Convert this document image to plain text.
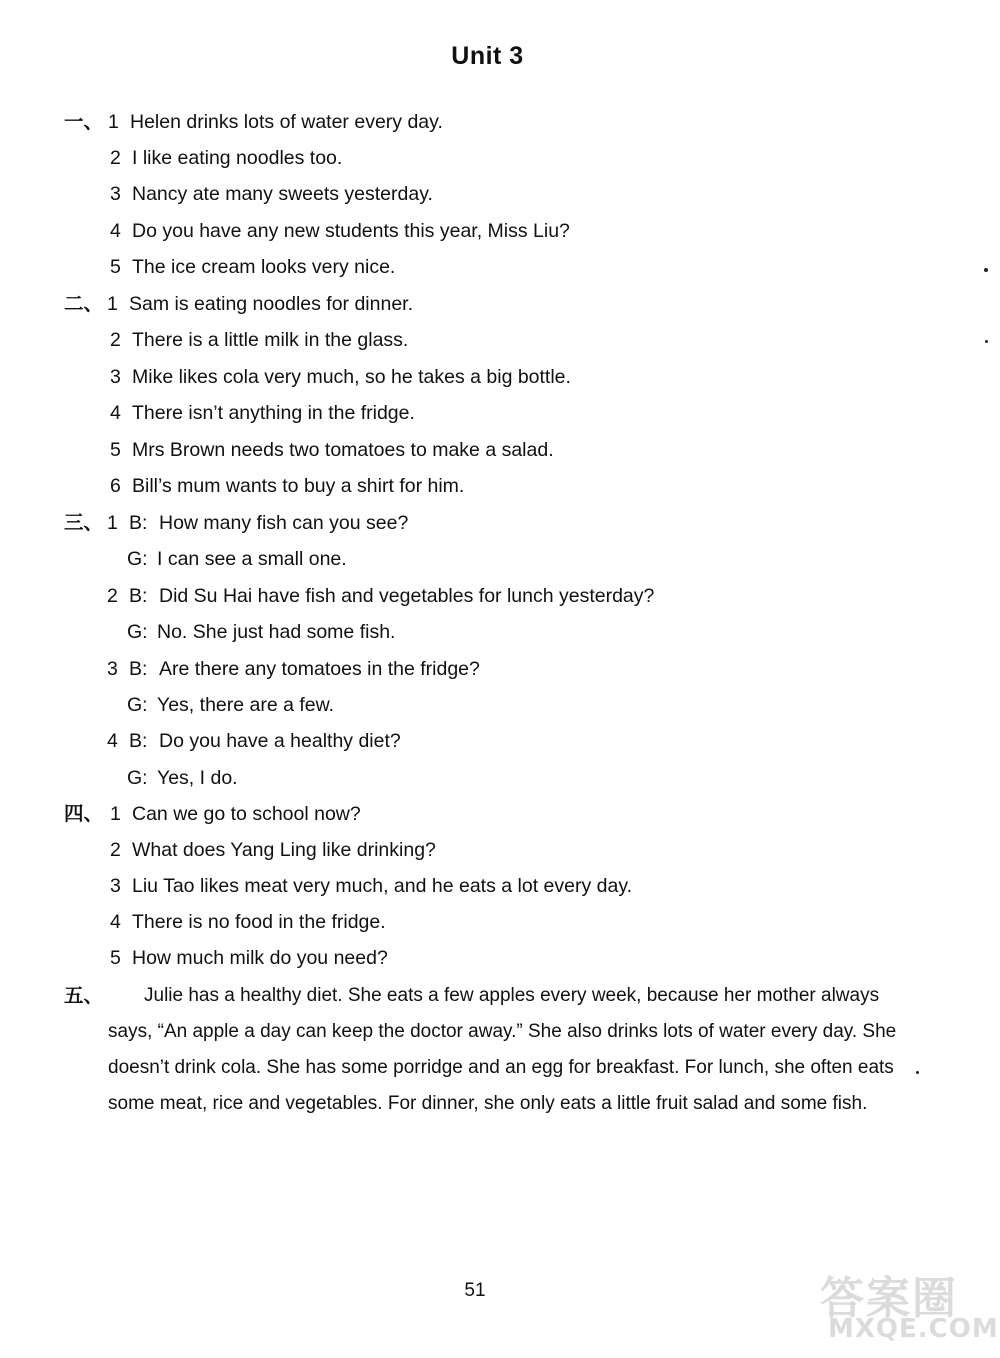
Unit 3
一、 1 Helen drinks lots of water every day.
2 I like eating noodles too.
3 Nancy ate many sweets yesterday.
4 Do you have any new students this year, Miss Liu?
5 The ice cream looks very nice.
二、 1 Sam is eating noodles for dinner.
2 There is a little milk in the glass.
3 Mike likes cola very much, so he takes a big bottle.
4 There isn’t anything in the fridge.
5 Mrs Brown needs two tomatoes to make a salad.
6 Bill’s mum wants to buy a shirt for him.
三、 1 B: How many fish can you see?
G: I can see a small one.
2 B: Did Su Hai have fish and vegetables for lunch yesterday?
G: No. She just had some fish.
3 B: Are there any tomatoes in the fridge?
G: Yes, there are a few.
4 B: Do you have a healthy diet?
G: Yes, I do.
四、 1 Can we go to school now?
2 What does Yang Ling like drinking?
3 Liu Tao likes meat very much, and he eats a lot every day.
4 There is no food in the fridge.
5 How much milk do you need?
五、	Julie has a healthy diet. She eats a few apples every week, because her mother always
says, “An apple a day can keep the doctor away.” She also drinks lots of water every day. She
doesn’t drink cola. She has some porridge and an egg for breakfast. For lunch, she often eats
some meat, rice and vegetables. For dinner, she only eats a little fruit salad and some fish.
51	答案圈
MXQE.COM
